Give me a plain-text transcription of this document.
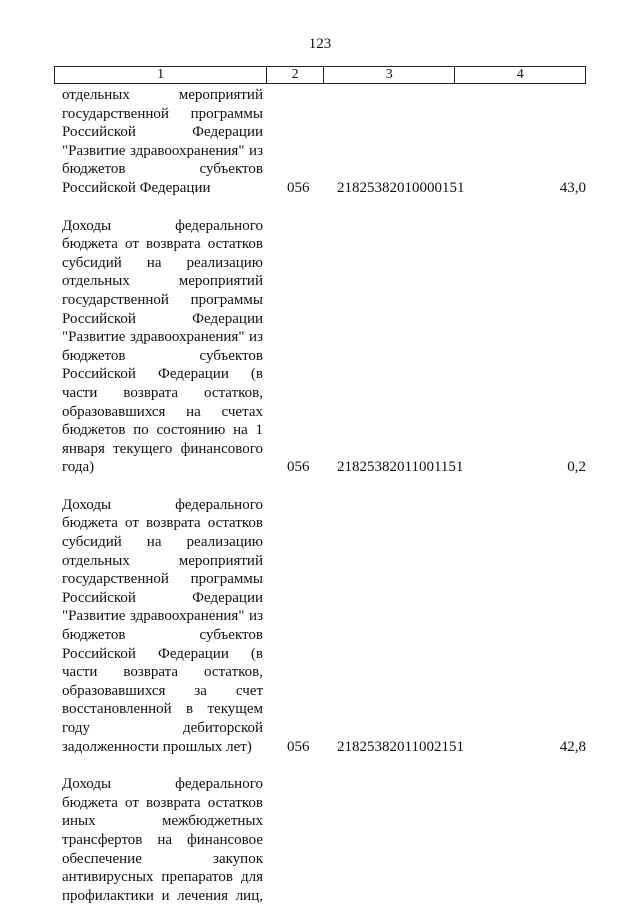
123
1	2	3	4
отдельных мероприятий
государственной программы
Российской Федерации
"Развитие здравоохранения" из
бюджетов субъектов
Российской Федерации	056 21825382010000151	43,0
Доходы федерального
бюджета от возврата остатков
субсидий на реализацию
отдельных мероприятий
государственной программы
Российской Федерации
"Развитие здравоохранения" из
бюджетов субъектов
Российской Федерации (в
части возврата остатков,
образовавшихся на счетах
бюджетов по состоянию на 1
января текущего финансового
года)	056 21825382011001151	0,2
Доходы федерального
бюджета от возврата остатков
субсидий на реализацию
отдельных мероприятий
государственной программы
Российской Федерации
"Развитие здравоохранения" из
бюджетов субъектов
Российской Федерации (в
части возврата остатков,
образовавшихся за счет
восстановленной в текущем
году дебиторской
задолженности прошлых лет)	056 21825382011002151	42,8
Доходы федерального
бюджета от возврата остатков
иных межбюджетных
трансфертов на финансовое
обеспечение закупок
антивирусных препаратов для
профилактики и лечения лиц,
